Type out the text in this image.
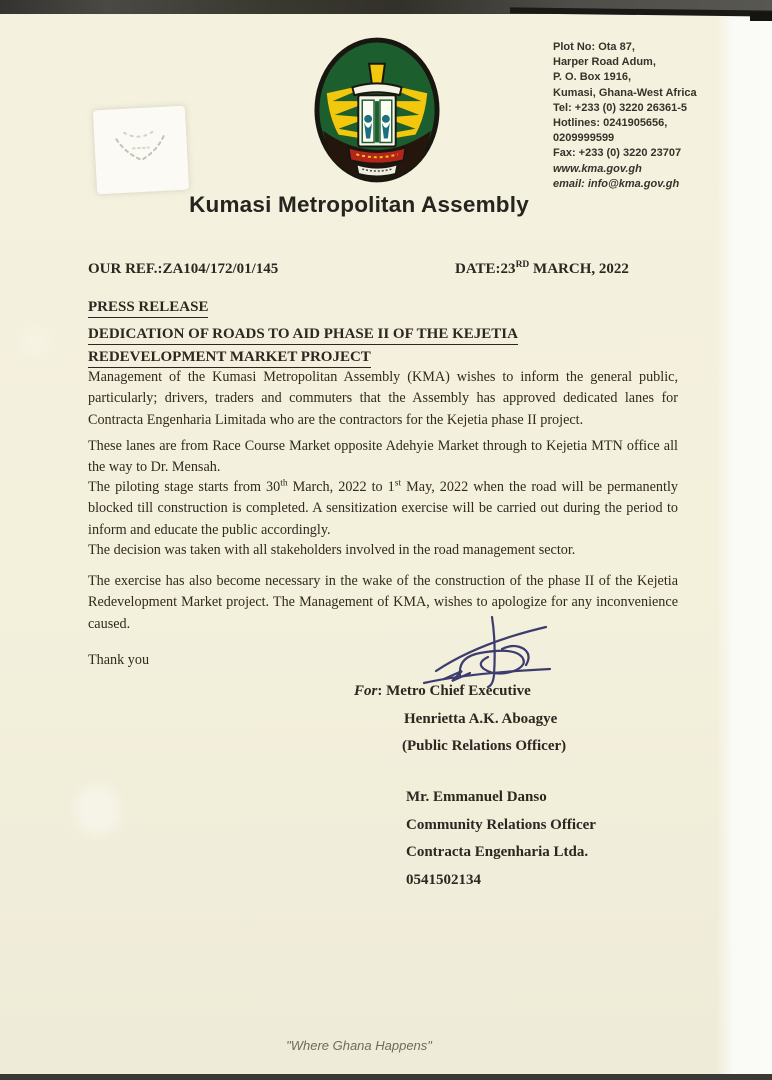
Kumasi Metropolitan Assembly
Plot No: Ota 87,
Harper Road Adum,
P. O. Box 1916,
Kumasi, Ghana-West Africa
Tel: +233 (0) 3220 26361-5
Hotlines: 0241905656, 0209999599
Fax: +233 (0) 3220 23707
www.kma.gov.gh
email: info@kma.gov.gh
OUR REF.:ZA104/172/01/145	DATE:23RD MARCH, 2022
PRESS RELEASE
DEDICATION OF ROADS TO AID PHASE II OF THE KEJETIA
REDEVELOPMENT MARKET PROJECT

Management of the Kumasi Metropolitan Assembly (KMA) wishes to inform the general public, particularly; drivers, traders and commuters that the Assembly has approved dedicated lanes for Contracta Engenharia Limitada who are the contractors for the Kejetia phase II project.

These lanes are from Race Course Market opposite Adehyie Market through to Kejetia MTN office all the way to Dr. Mensah.

The piloting stage starts from 30th March, 2022 to 1st May, 2022 when the road will be permanently blocked till construction is completed. A sensitization exercise will be carried out during the period to inform and educate the public accordingly.

The decision was taken with all stakeholders involved in the road management sector.

The exercise has also become necessary in the wake of the construction of the phase II of the Kejetia Redevelopment Market project. The Management of KMA, wishes to apologize for any inconvenience caused.

Thank you
For: Metro Chief Executive
Henrietta A.K. Aboagye
(Public Relations Officer)
Mr. Emmanuel Danso
Community Relations Officer
Contracta Engenharia Ltda.
0541502134
"Where Ghana Happens"
